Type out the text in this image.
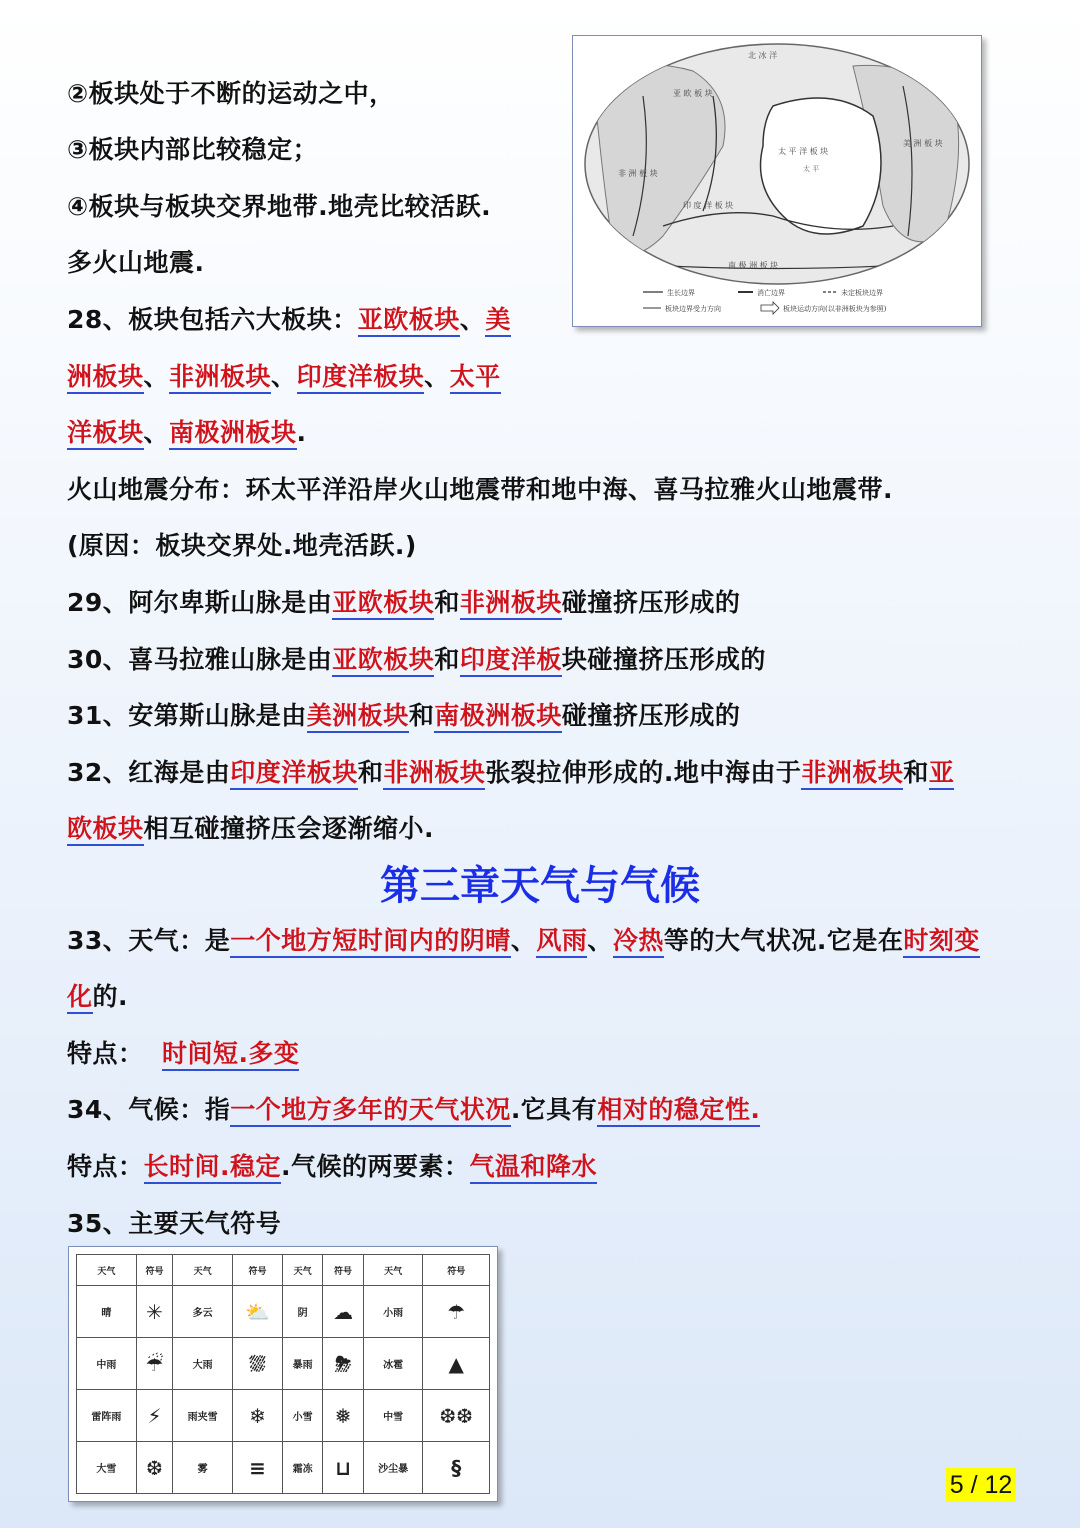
北 冰 洋
亚 欧 板 块
太 平 洋 板 块
印 度 洋 板 块
南 极 洲 板 块
非 洲 板 块
美 洲 板 块
太 平
生长边界	消亡边界	未定板块边界
板块边界受力方向	板块运动方向(以非洲板块为参照)
②板块处于不断的运动之中，
③板块内部比较稳定；
④板块与板块交界地带.地壳比较活跃.
多火山地震.
28、板块包括六大板块：亚欧板块、美
洲板块、非洲板块、印度洋板块、太平
洋板块、南极洲板块.
火山地震分布：环太平洋沿岸火山地震带和地中海、喜马拉雅火山地震带.
(原因：板块交界处.地壳活跃.)
29、阿尔卑斯山脉是由亚欧板块和非洲板块碰撞挤压形成的
30、喜马拉雅山脉是由亚欧板块和印度洋板块碰撞挤压形成的
31、安第斯山脉是由美洲板块和南极洲板块碰撞挤压形成的
32、红海是由印度洋板块和非洲板块张裂拉伸形成的.地中海由于非洲板块和亚
欧板块相互碰撞挤压会逐渐缩小.
第三章天气与气候
33、天气：是一个地方短时间内的阴晴、风雨、冷热等的大气状况.它是在时刻变
化的.
特点： 时间短.多变
34、气候：指一个地方多年的天气状况.它具有相对的稳定性.
特点：长时间.稳定.气候的两要素：气温和降水
35、主要天气符号
天气	符号	天气	符号	天气	符号	天气	符号
晴	✳	多云	⛅	阴	☁	小雨	☂
中雨	☔	大雨	⛆	暴雨	⛈	冰雹	▲
雷阵雨	⚡	雨夹雪	❄	小雪	❅	中雪	❆❆
大雪	❆	雾	≡	霜冻	⊔	沙尘暴	§
5 / 12
